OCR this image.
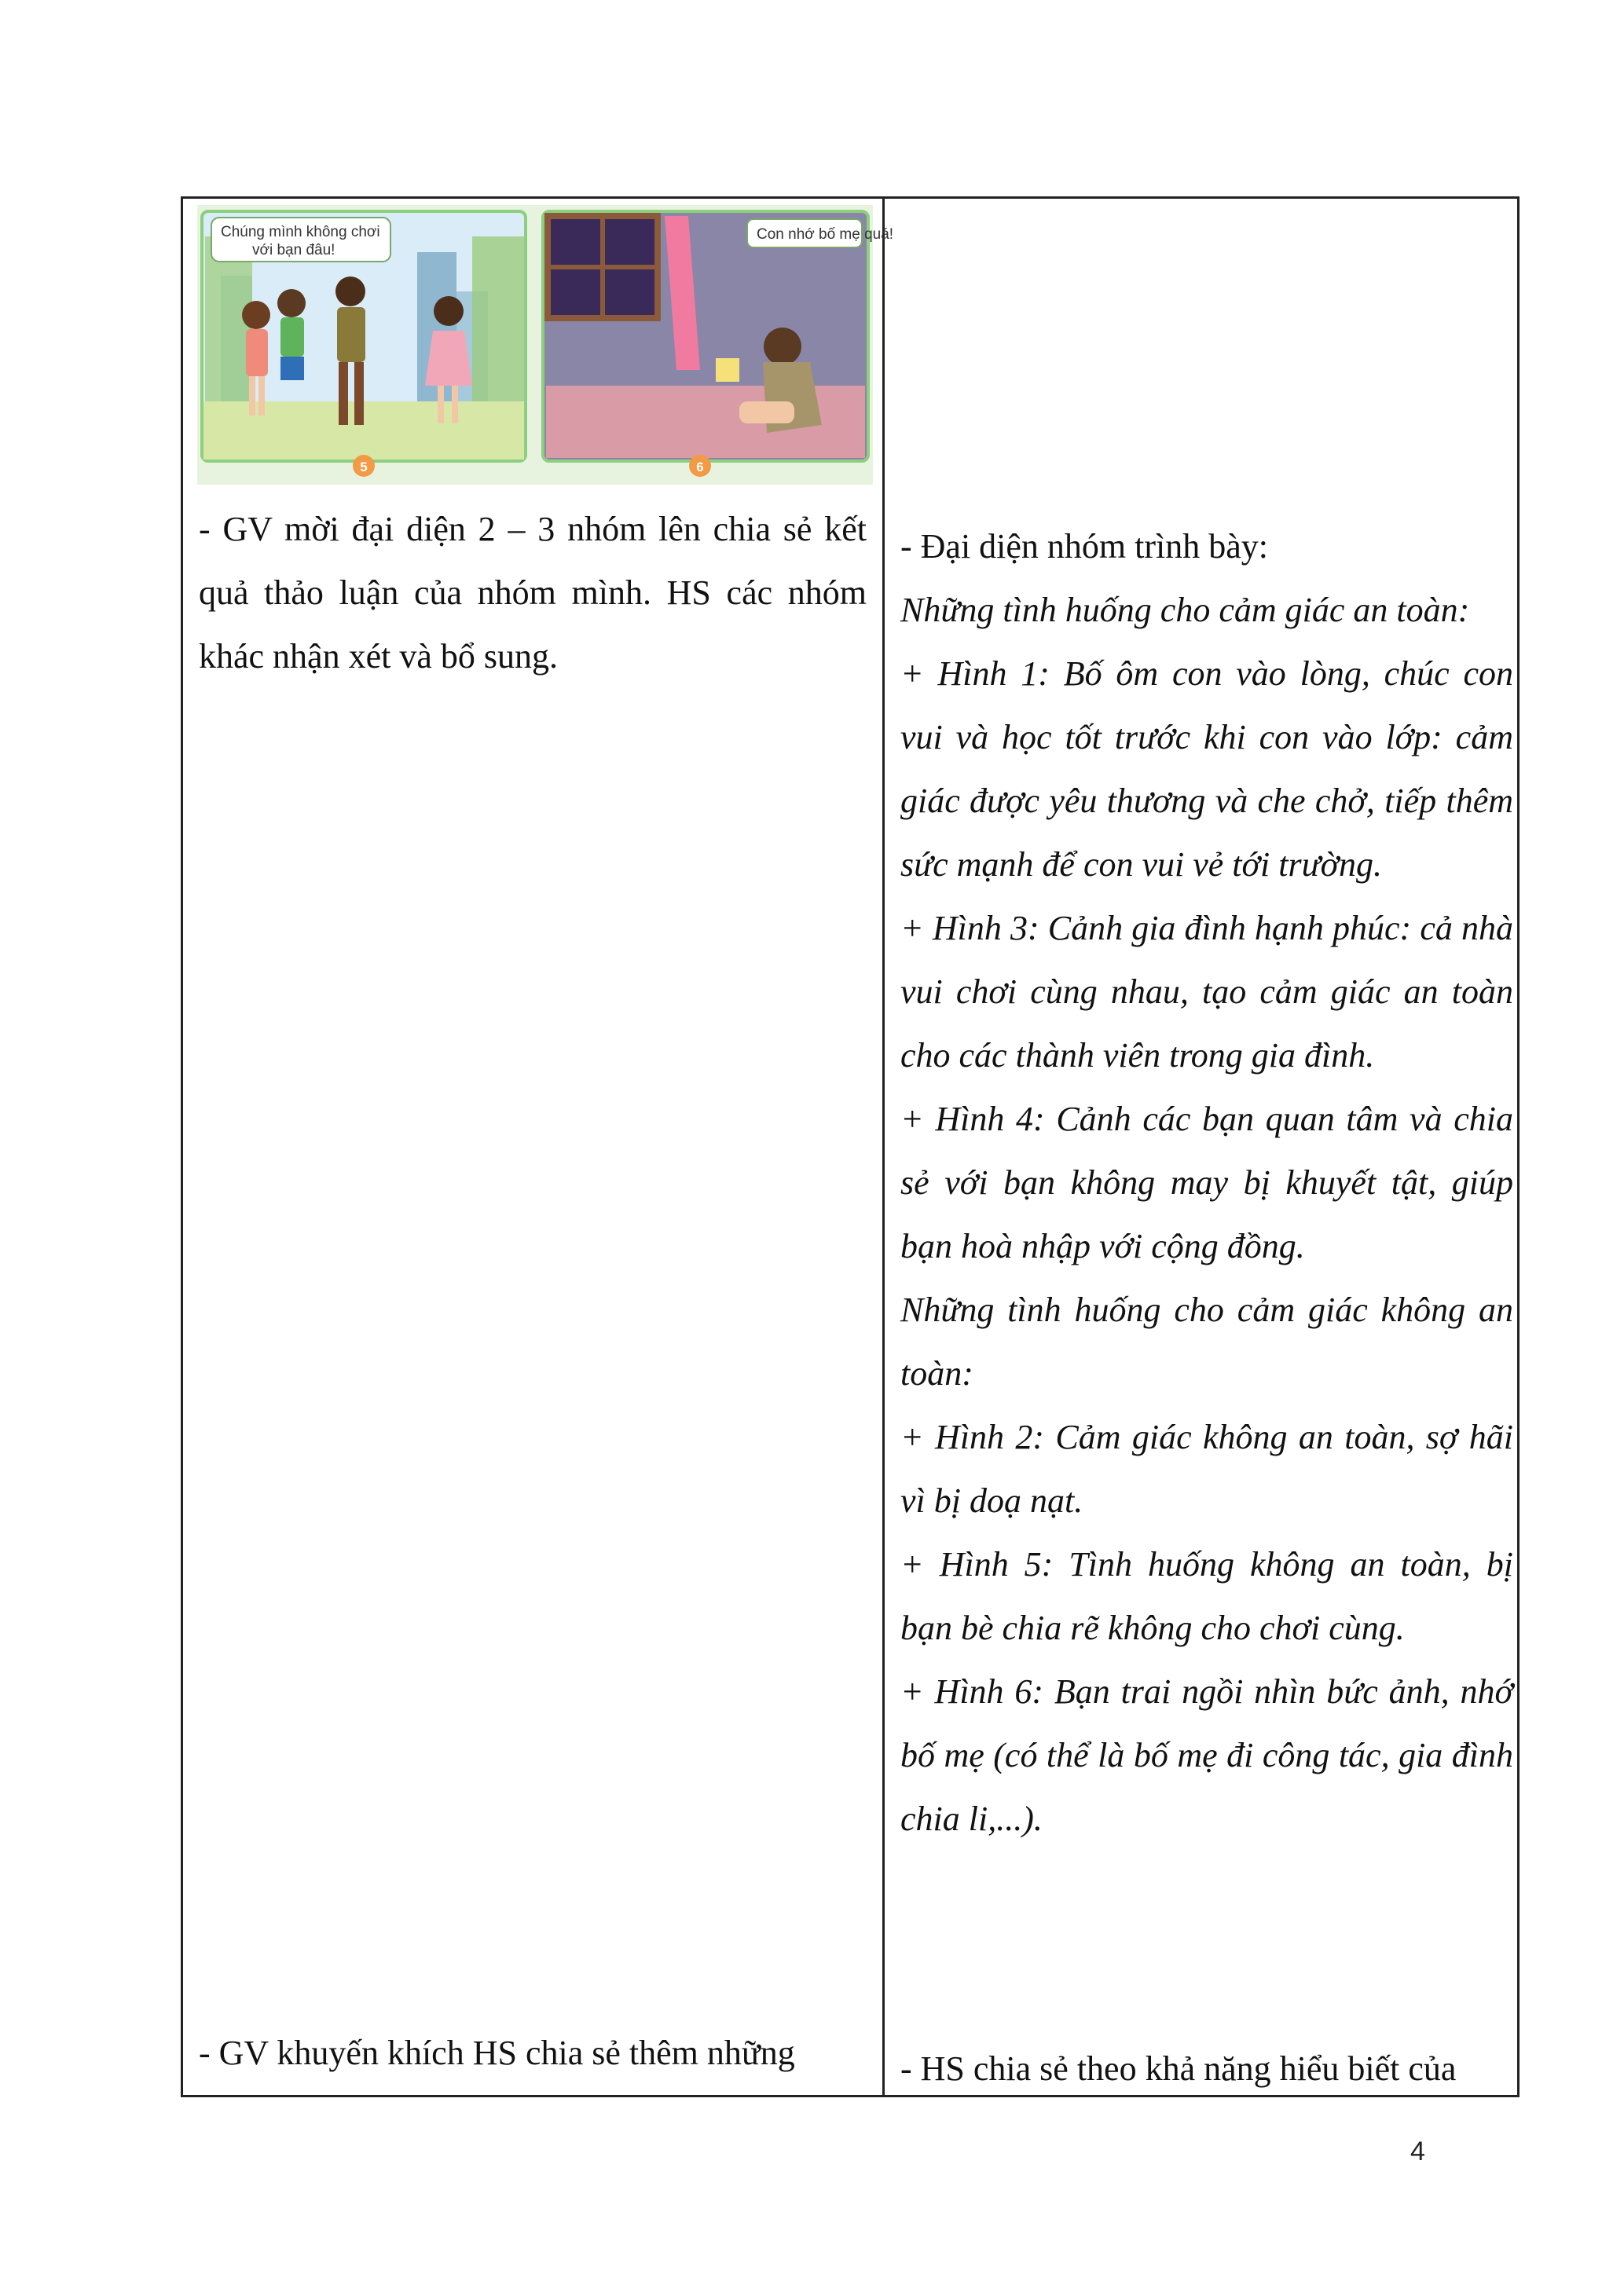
Chúng mình không chơi
với bạn đâu!
5
Con nhớ bố mẹ quá!
6

- GV mời đại diện 2 – 3 nhóm lên chia sẻ kết quả thảo luận của nhóm mình. HS các nhóm khác nhận xét và bổ sung.

- GV khuyến khích HS chia sẻ thêm những

- Đại diện nhóm trình bày:

Những tình huống cho cảm giác an toàn:

+ Hình 1: Bố ôm con vào lòng, chúc con vui và học tốt trước khi con vào lớp: cảm giác được yêu thương và che chở, tiếp thêm sức mạnh để con vui vẻ tới trường.

+ Hình 3: Cảnh gia đình hạnh phúc: cả nhà vui chơi cùng nhau, tạo cảm giác an toàn cho các thành viên trong gia đình.

+ Hình 4: Cảnh các bạn quan tâm và chia sẻ với bạn không may bị khuyết tật, giúp bạn hoà nhập với cộng đồng.

Những tình huống cho cảm giác không an toàn:

+ Hình 2: Cảm giác không an toàn, sợ hãi vì bị doạ nạt.

+ Hình 5: Tình huống không an toàn, bị bạn bè chia rẽ không cho chơi cùng.

+ Hình 6: Bạn trai ngồi nhìn bức ảnh, nhớ bố mẹ (có thể là bố mẹ đi công tác, gia đình chia li,...).

- HS chia sẻ theo khả năng hiểu biết của

4
